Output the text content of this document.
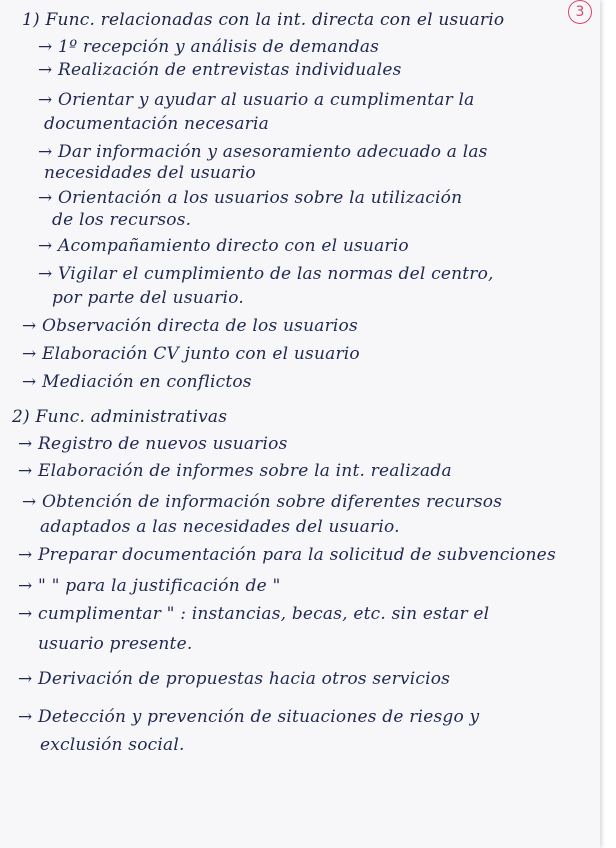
3
1) Func. relacionadas con la int. directa con el usuario
→ 1º recepción y análisis de demandas
→ Realización de entrevistas individuales
→ Orientar y ayudar al usuario a cumplimentar la
documentación necesaria
→ Dar información y asesoramiento adecuado a las
necesidades del usuario
→ Orientación a los usuarios sobre la utilización
de los recursos.
→ Acompañamiento directo con el usuario
→ Vigilar el cumplimiento de las normas del centro,
por parte del usuario.
→ Observación directa de los usuarios
→ Elaboración CV junto con el usuario
→ Mediación en conflictos
2) Func. administrativas
→ Registro de nuevos usuarios
→ Elaboración de informes sobre la int. realizada
→ Obtención de información sobre diferentes recursos
adaptados a las necesidades del usuario.
→ Preparar documentación para la solicitud de subvenciones
→ " " para la justificación de "
→ cumplimentar " : instancias, becas, etc. sin estar el
usuario presente.
→ Derivación de propuestas hacia otros servicios
→ Detección y prevención de situaciones de riesgo y
exclusión social.
